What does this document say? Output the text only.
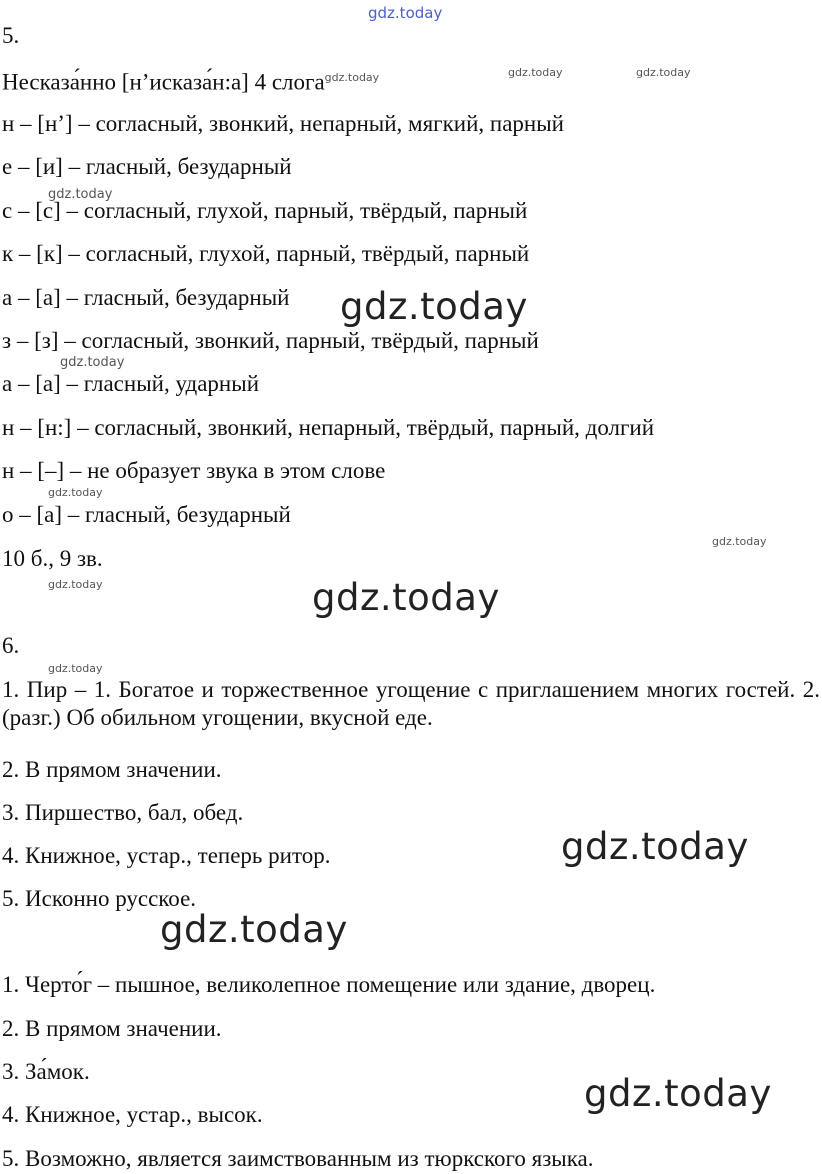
gdz.today
5.
Несказа́нно [н’исказа́н:а] 4 слога$^{gdz.today}$
н – [н’] – согласный, звонкий, непарный, мягкий, парный
е – [и] – гласный, безударный
с – [с] – согласный, глухой, парный, твёрдый, парный
к – [к] – согласный, глухой, парный, твёрдый, парный
а – [а] – гласный, безударный
з – [з] – согласный, звонкий, парный, твёрдый, парный
а – [а] – гласный, ударный
н – [н:] – согласный, звонкий, непарный, твёрдый, парный, долгий
н – [–] – не образует звука в этом слове
о – [а] – гласный, безударный
10 б., 9 зв.
6.
1. Пир – 1. Богатое и торжественное угощение с приглашением многих гостей. 2. (разг.) Об обильном угощении, вкусной еде.
2. В прямом значении.
3. Пиршество, бал, обед.
4. Книжное, устар., теперь ритор.
5. Исконно русское.
1. Черто́г – пышное, великолепное помещение или здание, дворец.
2. В прямом значении.
3. За́мок.
4. Книжное, устар., высок.
5. Возможно, является заимствованным из тюркского языка.
gdz.today	gdz.today
gdz.today
gdz.today
gdz.today
gdz.today
gdz.today
gdz.today
gdz.today
gdz.today
gdz.today
gdz.today
gdz.today
